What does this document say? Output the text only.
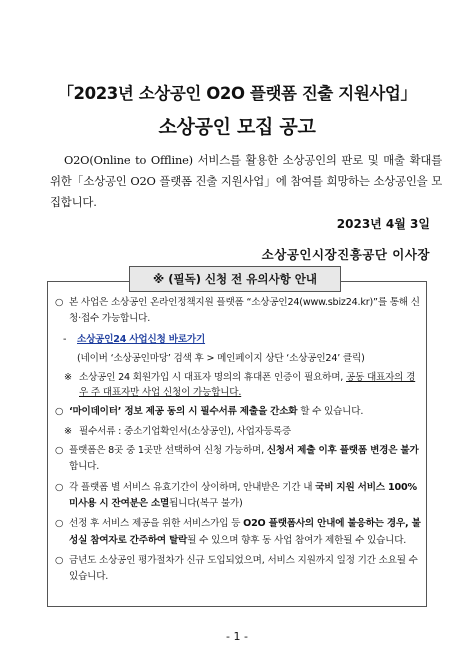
「2023년 소상공인 O2O 플랫폼 진출 지원사업」
소상공인 모집 공고
O2O(Online to Offline) 서비스를 활용한 소상공인의 판로 및 매출 확대를 위한「소상공인 O2O 플랫폼 진출 지원사업」에 참여를 희망하는 소상공인을 모집합니다.
2023년 4월 3일
소상공인시장진흥공단 이사장
※ (필독) 신청 전 유의사항 안내
○ 본 사업은 소상공인 온라인정책지원 플랫폼 “소상공인24(www.sbiz24.kr)”를 통해 신청·접수 가능합니다.
- 소상공인24 사업신청 바로가기
(네이버 ‘소상공인마당’ 검색 후 > 메인페이지 상단 ‘소상공인24’ 클릭)
※ 소상공인 24 회원가입 시 대표자 명의의 휴대폰 인증이 필요하며, 공동 대표자의 경우 주 대표자만 사업 신청이 가능합니다.
○ ‘마이데이터’ 정보 제공 동의 시 필수서류 제출을 간소화 할 수 있습니다.
※ 필수서류 : 중소기업확인서(소상공인), 사업자등록증
○ 플랫폼은 8곳 중 1곳만 선택하여 신청 가능하며, 신청서 제출 이후 플랫폼 변경은 불가합니다.
○ 각 플랫폼 별 서비스 유효기간이 상이하며, 안내받은 기간 내 국비 지원 서비스 100% 미사용 시 잔여분은 소멸됩니다(복구 불가)
○ 선정 후 서비스 제공을 위한 서비스가입 등 O2O 플랫폼사의 안내에 불응하는 경우, 불성실 참여자로 간주하여 탈락될 수 있으며 향후 동 사업 참여가 제한될 수 있습니다.
○ 금년도 소상공인 평가절차가 신규 도입되었으며, 서비스 지원까지 일정 기간 소요될 수 있습니다.
- 1 -
